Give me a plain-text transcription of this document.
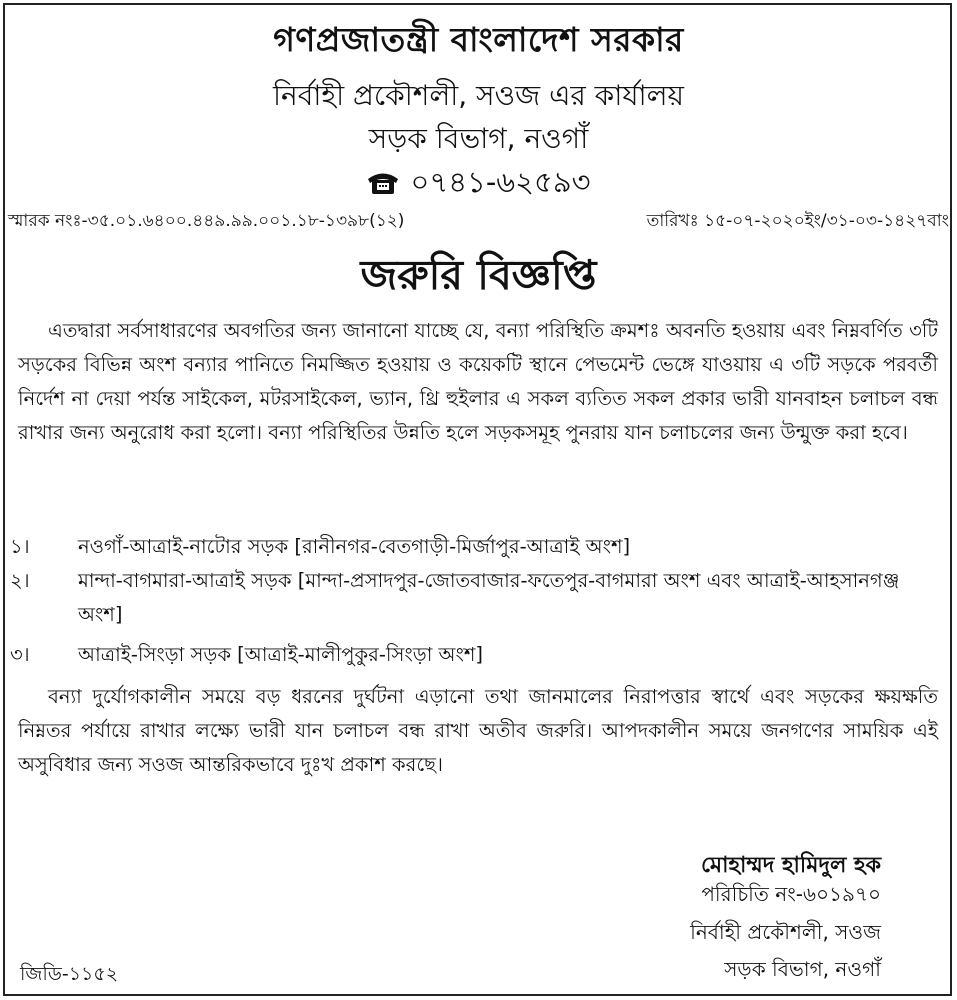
গণপ্রজাতন্ত্রী বাংলাদেশ সরকার
নির্বাহী প্রকৌশলী, সওজ এর কার্যালয়
সড়ক বিভাগ, নওগাঁ
০৭৪১-৬২৫৯৩
স্মারক নংঃ-৩৫.০১.৬৪০০.৪৪৯.৯৯.০০১.১৮-১৩৯৮(১২)	তারিখঃ ১৫-০৭-২০২০ইং/৩১-০৩-১৪২৭বাং
জরুরি বিজ্ঞপ্তি
এতদ্বারা সর্বসাধারণের অবগতির জন্য জানানো যাচ্ছে যে, বন্যা পরিস্থিতি ক্রমশঃ অবনতি হওয়ায় এবং নিম্নবর্ণিত ৩টি সড়কের বিভিন্ন অংশ বন্যার পানিতে নিমজ্জিত হওয়ায় ও কয়েকটি স্থানে পেভমেন্ট ভেঙ্গে যাওয়ায় এ ৩টি সড়কে পরবর্তী নির্দেশ না দেয়া পর্যন্ত সাইকেল, মটরসাইকেল, ভ্যান, থ্রি হুইলার এ সকল ব্যতিত সকল প্রকার ভারী যানবাহন চলাচল বন্ধ রাখার জন্য অনুরোধ করা হলো। বন্যা পরিস্থিতির উন্নতি হলে সড়কসমূহ পুনরায় যান চলাচলের জন্য উন্মুক্ত করা হবে।
১।	নওগাঁ-আত্রাই-নাটোর সড়ক [রানীনগর-বেতগাড়ী-মির্জাপুর-আত্রাই অংশ]
২।	মান্দা-বাগমারা-আত্রাই সড়ক [মান্দা-প্রসাদপুর-জোতবাজার-ফতেপুর-বাগমারা অংশ এবং আত্রাই-আহসানগঞ্জ অংশ]
৩।	আত্রাই-সিংড়া সড়ক [আত্রাই-মালীপুকুর-সিংড়া অংশ]
বন্যা দুর্যোগকালীন সময়ে বড় ধরনের দুর্ঘটনা এড়ানো তথা জানমালের নিরাপত্তার স্বার্থে এবং সড়কের ক্ষয়ক্ষতি নিম্নতর পর্যায়ে রাখার লক্ষ্যে ভারী যান চলাচল বন্ধ রাখা অতীব জরুরি। আপদকালীন সময়ে জনগণের সাময়িক এই অসুবিধার জন্য সওজ আন্তরিকভাবে দুঃখ প্রকাশ করছে।
মোহাম্মদ হামিদুল হক
পরিচিতি নং-৬০১৯৭০
নির্বাহী প্রকৌশলী, সওজ
সড়ক বিভাগ, নওগাঁ
জিডি-১১৫২
